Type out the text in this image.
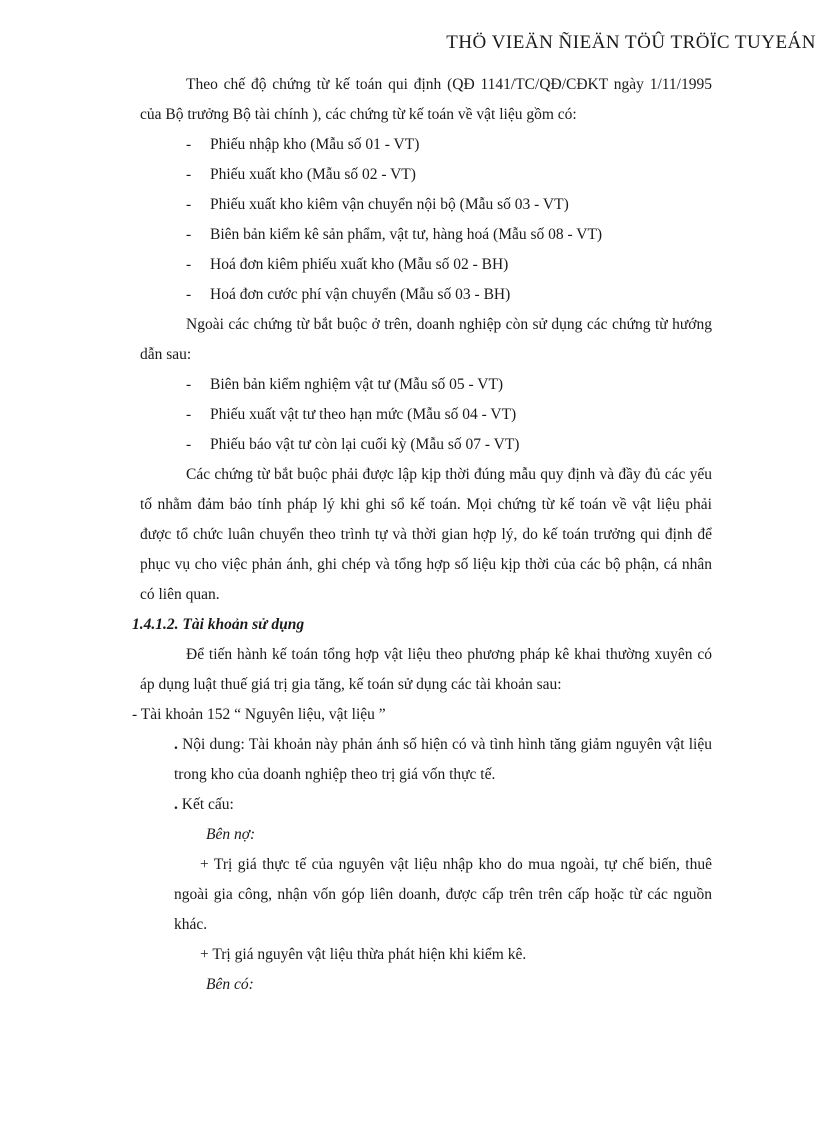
THÖ VIEÄN ÑIEÄN TÖÛ TRÖÏC TUYEÁN

Theo chế độ chứng từ kế toán qui định (QĐ 1141/TC/QĐ/CĐKT ngày 1/11/1995 của Bộ trưởng Bộ tài chính ), các chứng từ kế toán về vật liệu gồm có:

-	Phiếu nhập kho (Mẫu số 01 - VT)

-	Phiếu xuất kho (Mẫu số 02 - VT)

-	Phiếu xuất kho kiêm vận chuyển nội bộ (Mẫu số 03 - VT)

-	Biên bản kiểm kê sản phẩm, vật tư, hàng hoá (Mẫu số 08 - VT)

-	Hoá đơn kiêm phiếu xuất kho (Mẫu số 02 - BH)

-	Hoá đơn cước phí vận chuyển (Mẫu số 03 - BH)

Ngoài các chứng từ bắt buộc ở trên, doanh nghiệp còn sử dụng các chứng từ hướng dẫn sau:

-	Biên bản kiểm nghiệm vật tư (Mẫu số 05 - VT)

-	Phiếu xuất vật tư theo hạn mức (Mẫu số 04 - VT)

-	Phiếu báo vật tư còn lại cuối kỳ (Mẫu số 07 - VT)

Các chứng từ bắt buộc phải được lập kịp thời đúng mẫu quy định và đầy đủ các yếu tố nhằm đảm bảo tính pháp lý khi ghi sổ kế toán. Mọi chứng từ kế toán về vật liệu phải được tổ chức luân chuyển theo trình tự và thời gian hợp lý, do kế toán trưởng qui định để phục vụ cho việc phản ánh, ghi chép và tổng hợp số liệu kịp thời của các bộ phận, cá nhân có liên quan.

1.4.1.2. Tài khoản sử dụng

Để tiến hành kế toán tổng hợp vật liệu theo phương pháp kê khai thường xuyên có áp dụng luật thuế giá trị gia tăng, kế toán sử dụng các tài khoản sau:

- Tài khoản 152 “ Nguyên liệu, vật liệu ”

. Nội dung: Tài khoản này phản ánh số hiện có và tình hình tăng giảm nguyên vật liệu trong kho của doanh nghiệp theo trị giá vốn thực tế.

. Kết cấu:

Bên nợ:

+ Trị giá thực tế của nguyên vật liệu nhập kho do mua ngoài, tự chế biến, thuê ngoài gia công, nhận vốn góp liên doanh, được cấp trên trên cấp hoặc từ các nguồn khác.

+ Trị giá nguyên vật liệu thừa phát hiện khi kiểm kê.

Bên có:
